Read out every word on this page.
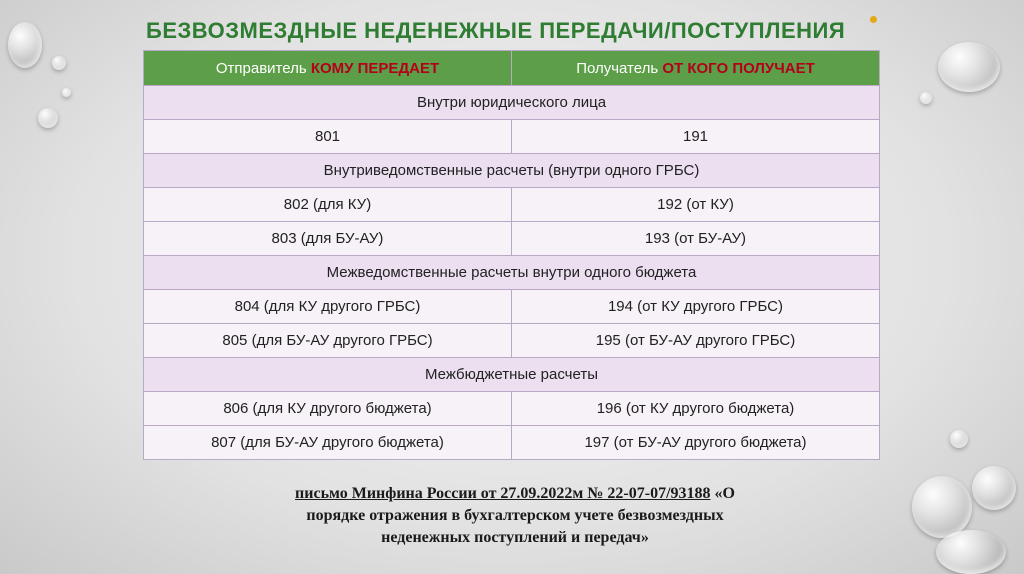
БЕЗВОЗМЕЗДНЫЕ НЕДЕНЕЖНЫЕ ПЕРЕДАЧИ/ПОСТУПЛЕНИЯ
Отправитель КОМУ ПЕРЕДАЕТ	Получатель ОТ КОГО ПОЛУЧАЕТ
Внутри юридического лица	
801	191
Внутриведомственные расчеты (внутри одного ГРБС)	
802 (для КУ)	192 (от КУ)
803 (для БУ-АУ)	193 (от БУ-АУ)
Межведомственные расчеты внутри одного бюджета	
804 (для КУ другого ГРБС)	194 (от КУ другого ГРБС)
805 (для БУ-АУ другого ГРБС)	195 (от БУ-АУ другого ГРБС)
Межбюджетные расчеты	
806 (для КУ другого бюджета)	196 (от КУ другого бюджета)
807 (для БУ-АУ другого бюджета)	197 (от БУ-АУ другого бюджета)
письмо Минфина России от 27.09.2022м № 22-07-07/93188 «О порядке отражения в бухгалтерском учете безвозмездных неденежных поступлений и передач»
